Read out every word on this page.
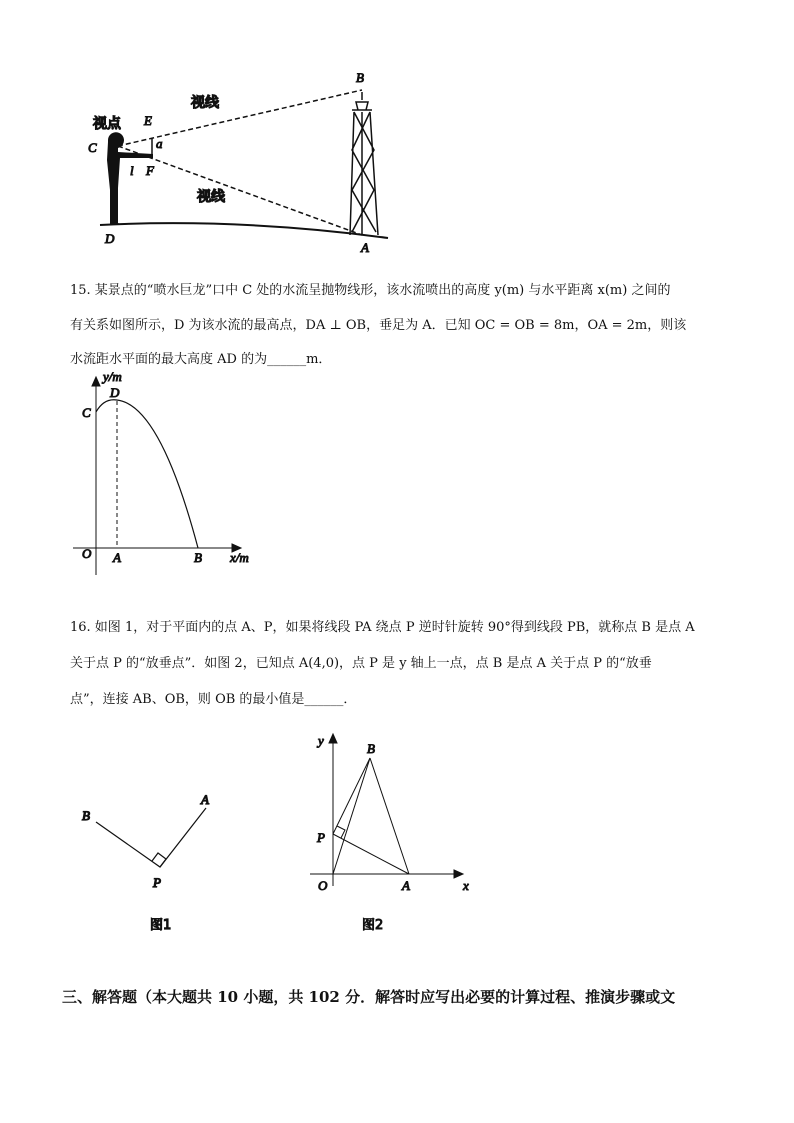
B
E
C	a
l F
D
A
视点
视线
视线
y/m
D
C
O A	B x/m
B
A
P
图1
y
B
P
O	A	x
图2
15. 某景点的“喷水巨龙”口中 C 处的水流呈抛物线形，该水流喷出的高度 y(m) 与水平距离 x(m) 之间的
有关系如图所示，D 为该水流的最高点，DA ⊥ OB，垂足为 A．已知 OC = OB = 8m，OA = 2m，则该
水流距水平面的最大高度 AD 的为______m．
16. 如图 1，对于平面内的点 A、P，如果将线段 PA 绕点 P 逆时针旋转 90°得到线段 PB，就称点 B 是点 A
关于点 P 的“放垂点”．如图 2，已知点 A(4,0)，点 P 是 y 轴上一点，点 B 是点 A 关于点 P 的“放垂
点”，连接 AB、OB，则 OB 的最小值是______．
三、解答题（本大题共 10 小题，共 102 分．解答时应写出必要的计算过程、推演步骤或文
